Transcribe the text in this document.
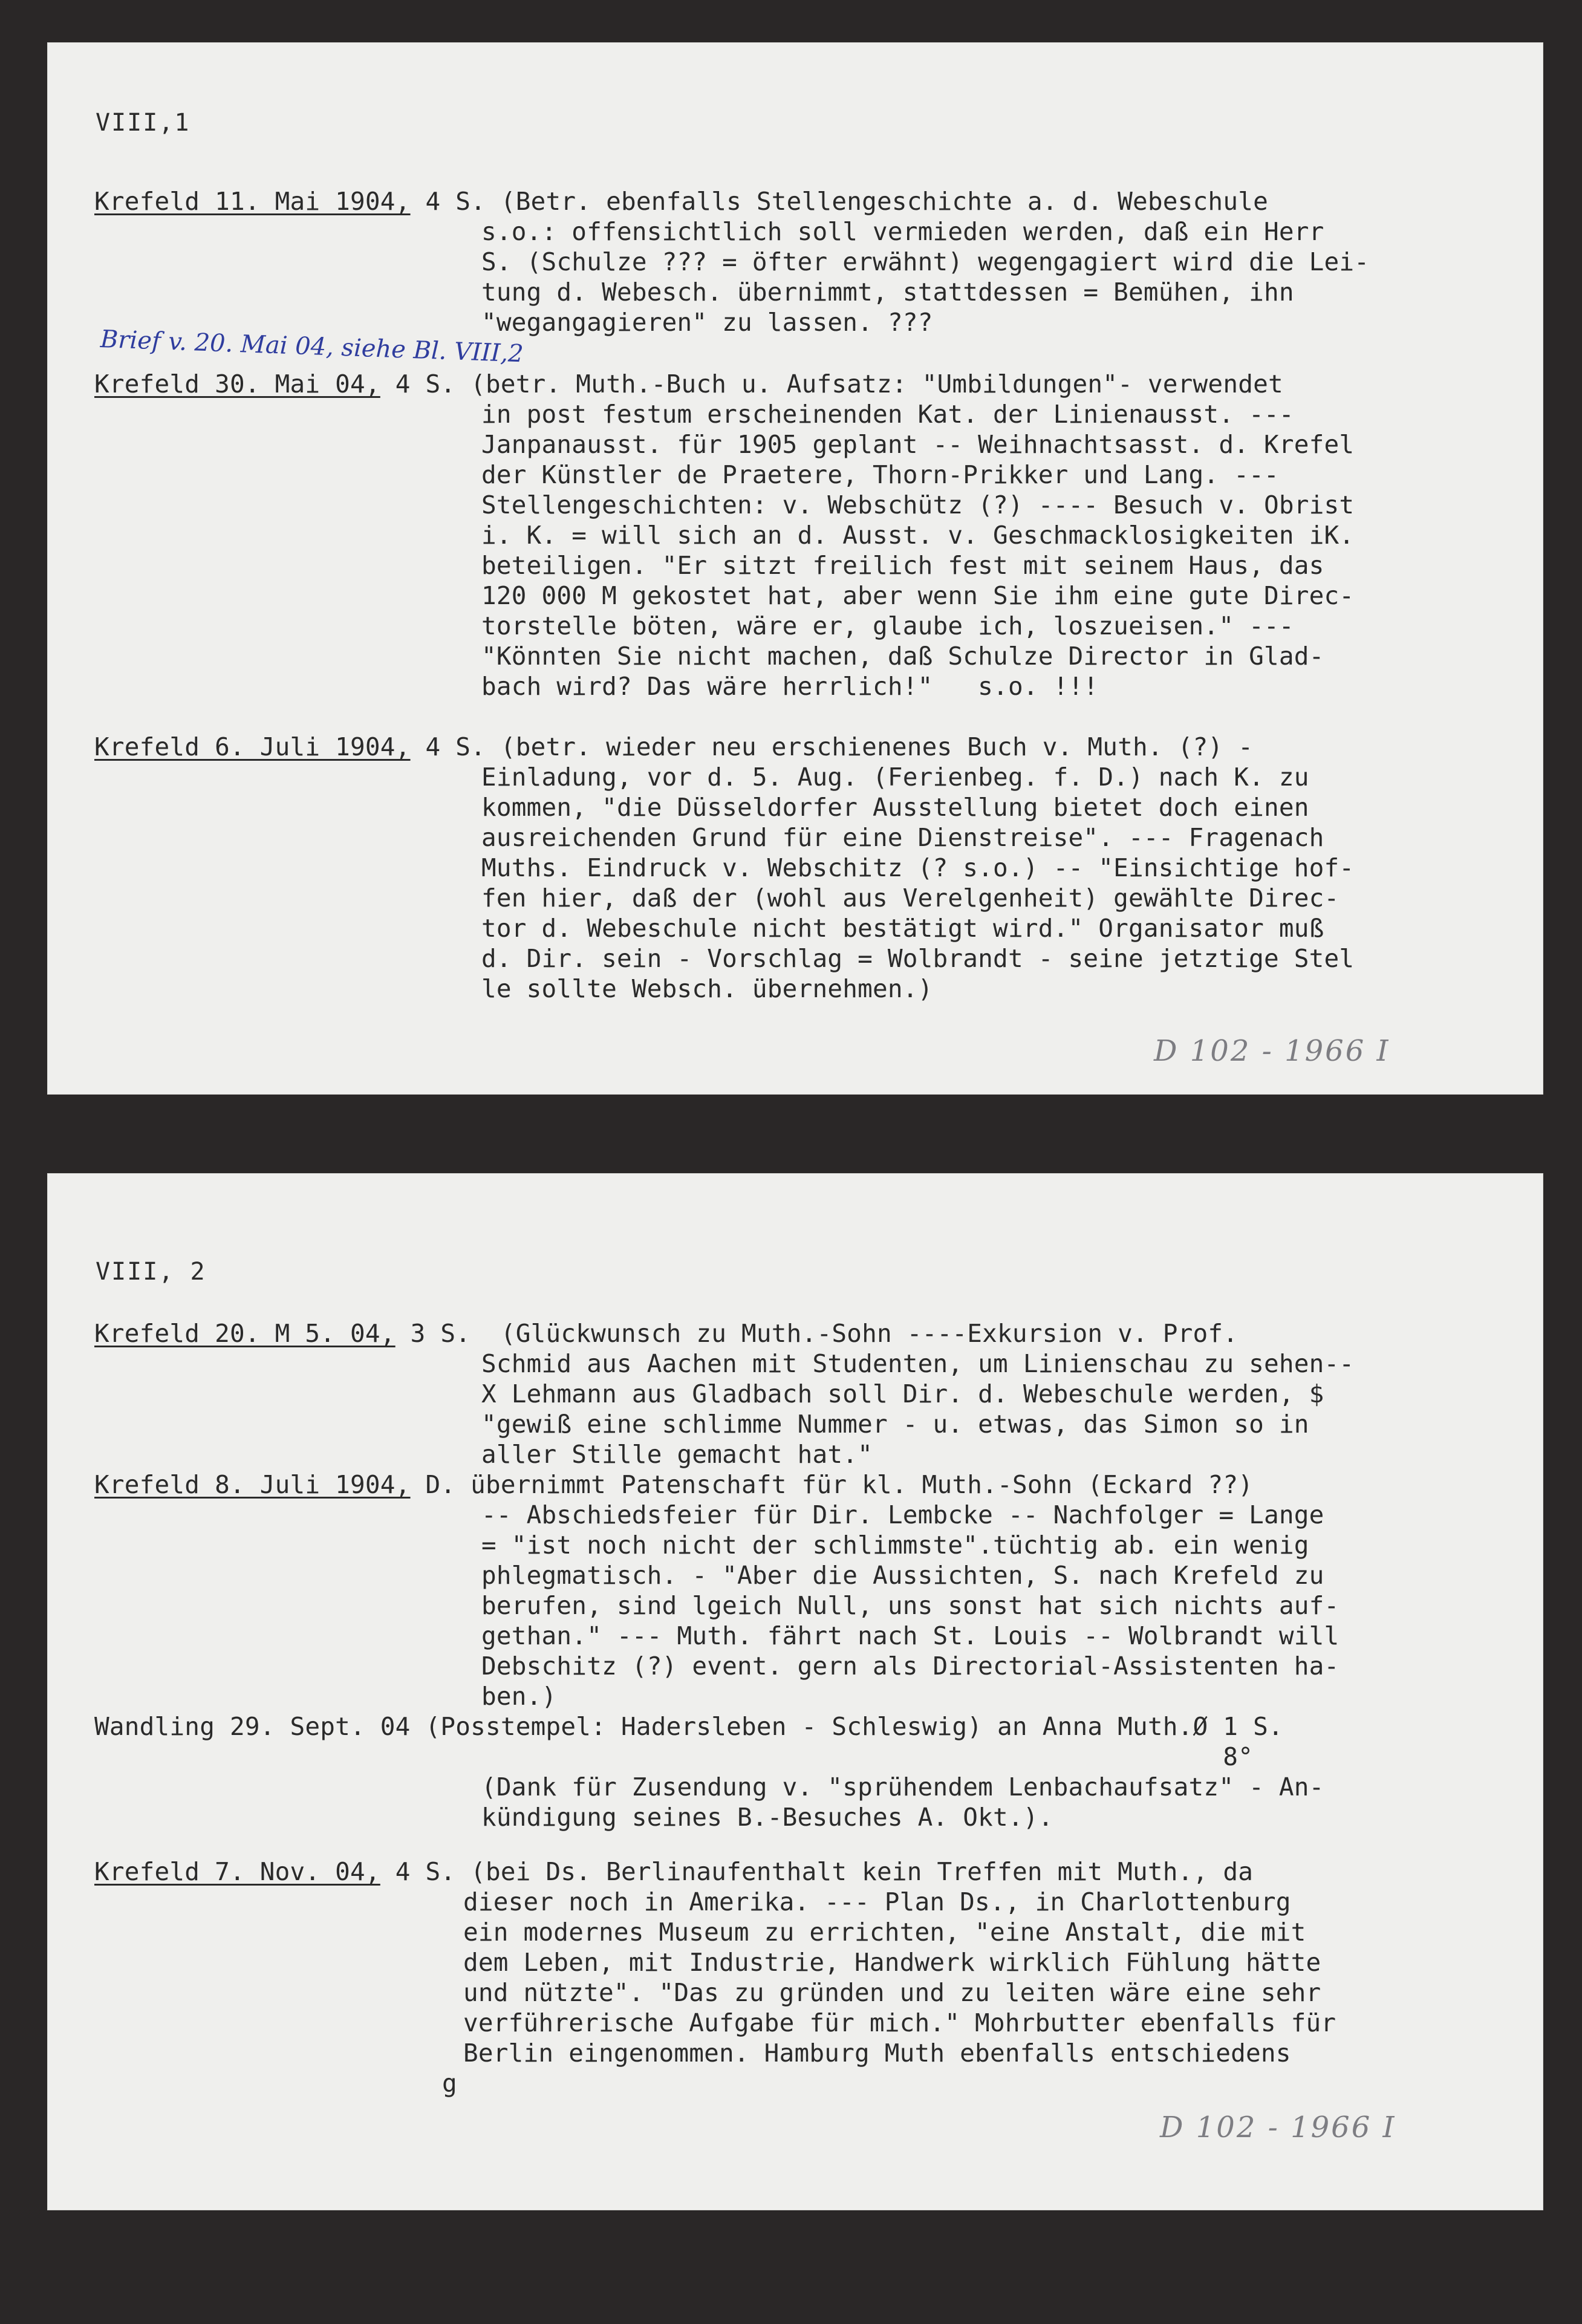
VIII,1
Brief v. 20. Mai 04, siehe Bl. VIII,2
D 102 - 1966 I
Krefeld 11. Mai 1904, 4 S. (Betr. ebenfalls Stellengeschichte a. d. Webeschule
s.o.: offensichtlich soll vermieden werden, daß ein Herr
S. (Schulze ??? = öfter erwähnt) wegengagiert wird die Lei-
tung d. Webesch. übernimmt, stattdessen = Bemühen, ihn
"wegangagieren" zu lassen. ???
Krefeld 30. Mai 04, 4 S. (betr. Muth.-Buch u. Aufsatz: "Umbildungen"- verwendet
in post festum erscheinenden Kat. der Linienausst. ---
Janpanausst. für 1905 geplant -- Weihnachtsasst. d. Krefel
der Künstler de Praetere, Thorn-Prikker und Lang. ---
Stellengeschichten: v. Webschütz (?) ---- Besuch v. Obrist
i. K. = will sich an d. Ausst. v. Geschmacklosigkeiten iK.
beteiligen. "Er sitzt freilich fest mit seinem Haus, das
120 000 M gekostet hat, aber wenn Sie ihm eine gute Direc-
torstelle böten, wäre er, glaube ich, loszueisen." ---
"Könnten Sie nicht machen, daß Schulze Director in Glad-
bach wird? Das wäre herrlich!"   s.o. !!!
Krefeld 6. Juli 1904, 4 S. (betr. wieder neu erschienenes Buch v. Muth. (?) -
Einladung, vor d. 5. Aug. (Ferienbeg. f. D.) nach K. zu
kommen, "die Düsseldorfer Ausstellung bietet doch einen
ausreichenden Grund für eine Dienstreise". --- Fragenach
Muths. Eindruck v. Webschitz (? s.o.) -- "Einsichtige hof-
fen hier, daß der (wohl aus Verelgenheit) gewählte Direc-
tor d. Webeschule nicht bestätigt wird." Organisator muß
d. Dir. sein - Vorschlag = Wolbrandt - seine jetztige Stel
le sollte Websch. übernehmen.)
VIII, 2
D 102 - 1966 I
Krefeld 20. M 5. 04, 3 S.  (Glückwunsch zu Muth.-Sohn ----Exkursion v. Prof.
Schmid aus Aachen mit Studenten, um Linienschau zu sehen--
X Lehmann aus Gladbach soll Dir. d. Webeschule werden, $
"gewiß eine schlimme Nummer - u. etwas, das Simon so in
aller Stille gemacht hat."
Krefeld 8. Juli 1904, D. übernimmt Patenschaft für kl. Muth.-Sohn (Eckard ??)
-- Abschiedsfeier für Dir. Lembcke -- Nachfolger = Lange
= "ist noch nicht der schlimmste".tüchtig ab. ein wenig
phlegmatisch. - "Aber die Aussichten, S. nach Krefeld zu
berufen, sind lgeich Null, uns sonst hat sich nichts auf-
gethan." --- Muth. fährt nach St. Louis -- Wolbrandt will
Debschitz (?) event. gern als Directorial-Assistenten ha-
ben.)
Wandling 29. Sept. 04 (Posstempel: Hadersleben - Schleswig) an Anna Muth.Ø 1 S.
8°
(Dank für Zusendung v. "sprühendem Lenbachaufsatz" - An-
kündigung seines B.-Besuches A. Okt.).
Krefeld 7. Nov. 04, 4 S. (bei Ds. Berlinaufenthalt kein Treffen mit Muth., da
dieser noch in Amerika. --- Plan Ds., in Charlottenburg
ein modernes Museum zu errichten, "eine Anstalt, die mit
dem Leben, mit Industrie, Handwerk wirklich Fühlung hätte
und nützte". "Das zu gründen und zu leiten wäre eine sehr
verführerische Aufgabe für mich." Mohrbutter ebenfalls für
Berlin eingenommen. Hamburg Muth ebenfalls entschiedens
g
